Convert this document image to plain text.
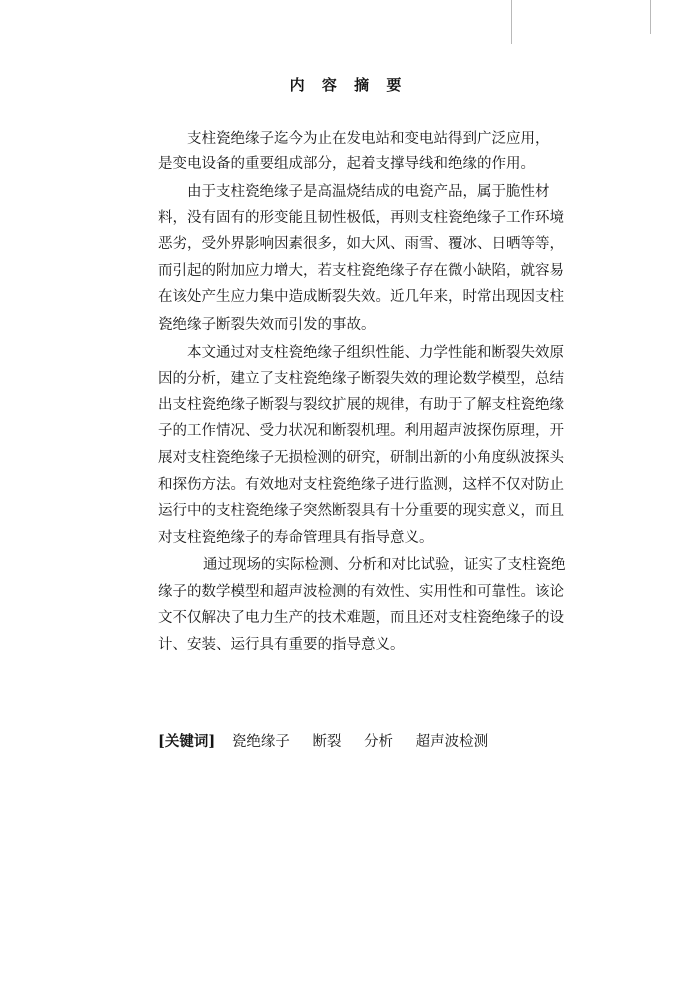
内 容 摘 要
支柱瓷绝缘子迄今为止在发电站和变电站得到广泛应用，
是变电设备的重要组成部分，起着支撑导线和绝缘的作用。
由于支柱瓷绝缘子是高温烧结成的电瓷产品，属于脆性材
料，没有固有的形变能且韧性极低，再则支柱瓷绝缘子工作环境
恶劣，受外界影响因素很多，如大风、雨雪、覆冰、日晒等等，
而引起的附加应力增大，若支柱瓷绝缘子存在微小缺陷，就容易
在该处产生应力集中造成断裂失效。近几年来，时常出现因支柱
瓷绝缘子断裂失效而引发的事故。
本文通过对支柱瓷绝缘子组织性能、力学性能和断裂失效原
因的分析，建立了支柱瓷绝缘子断裂失效的理论数学模型，总结
出支柱瓷绝缘子断裂与裂纹扩展的规律，有助于了解支柱瓷绝缘
子的工作情况、受力状况和断裂机理。利用超声波探伤原理，开
展对支柱瓷绝缘子无损检测的研究，研制出新的小角度纵波探头
和探伤方法。有效地对支柱瓷绝缘子进行监测，这样不仅对防止
运行中的支柱瓷绝缘子突然断裂具有十分重要的现实意义，而且
对支柱瓷绝缘子的寿命管理具有指导意义。
通过现场的实际检测、分析和对比试验，证实了支柱瓷绝
缘子的数学模型和超声波检测的有效性、实用性和可靠性。该论
文不仅解决了电力生产的技术难题，而且还对支柱瓷绝缘子的设
计、安装、运行具有重要的指导意义。
[关键词] 瓷绝缘子 断裂 分析 超声波检测
